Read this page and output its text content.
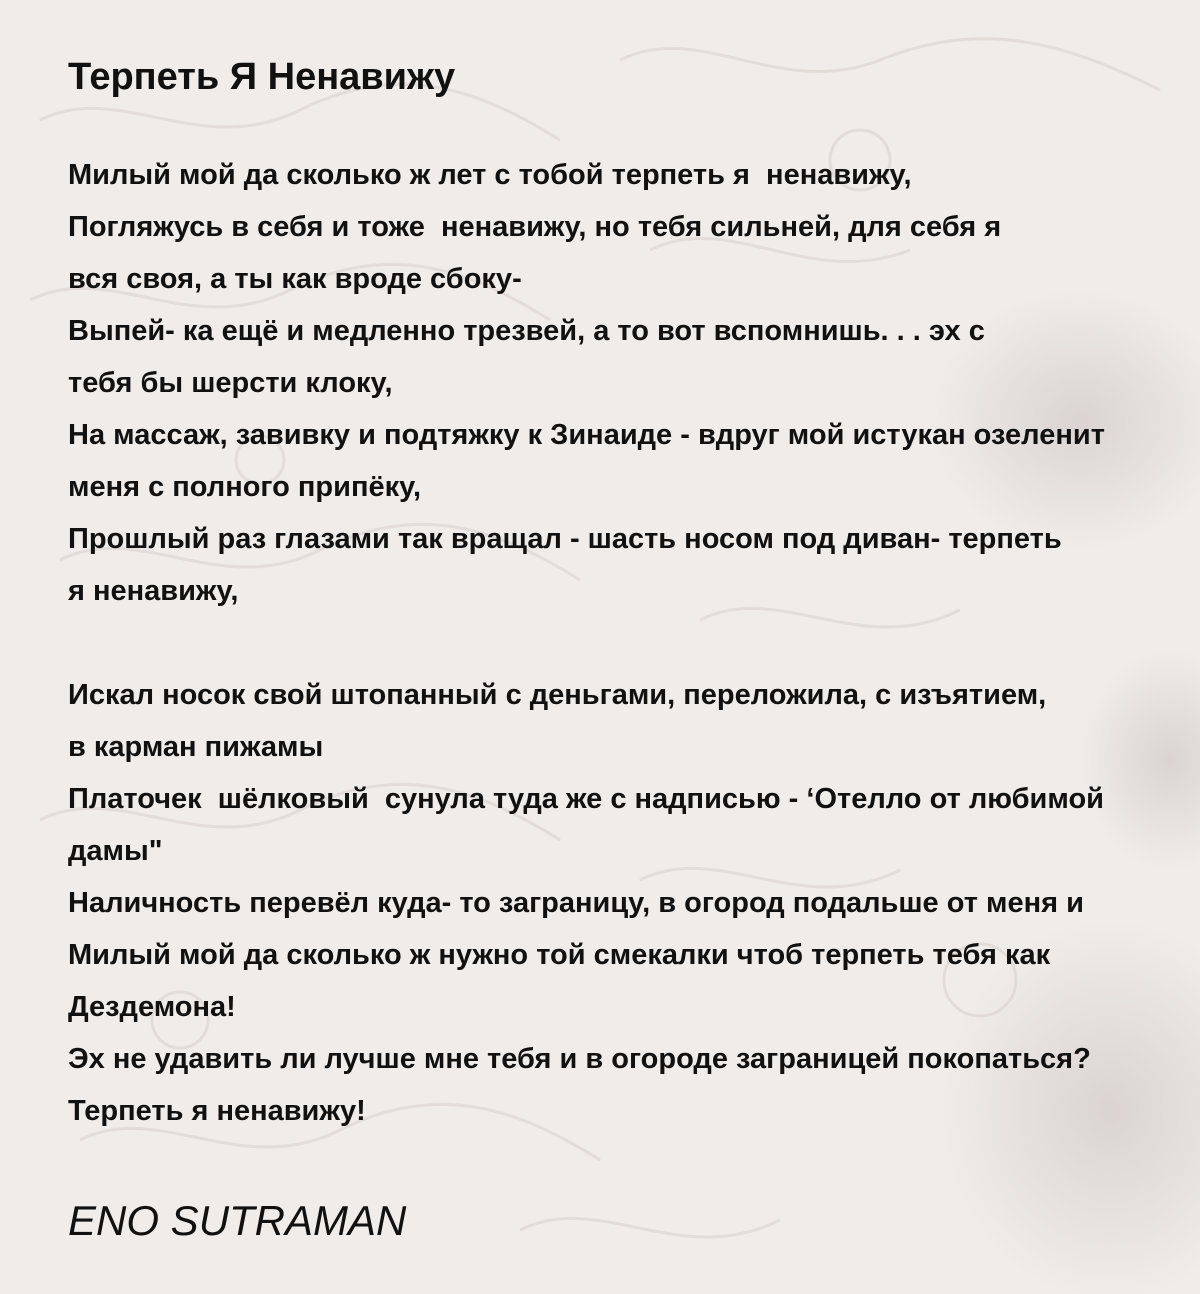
Терпеть Я Ненавижу

Милый мой да сколько ж лет с тобой терпеть я  ненавижу,

Погляжусь в себя и тоже  ненавижу, но тебя сильней, для себя я

вся своя, а ты как вроде сбоку-

Выпей- ка ещё и медленно трезвей, а то вот вспомнишь. . . эх с

тебя бы шерсти клоку,

На массаж, завивку и подтяжку к Зинаиде - вдруг мой истукан озеленит

меня с полного припёку,

Прошлый раз глазами так вращал - шасть носом под диван- терпеть

я ненавижу,

Искал носок свой штопанный с деньгами, переложила, с изъятием,

в карман пижамы

Платочек  шёлковый  сунула туда же с надписью - ‘Отелло от любимой

дамы"

Наличность перевёл куда- то заграницу, в огород подальше от меня и

Милый мой да сколько ж нужно той смекалки чтоб терпеть тебя как

Дездемона!

Эх не удавить ли лучше мне тебя и в огороде заграницей покопаться?

Терпеть я ненавижу!

ENO SUTRAMAN
